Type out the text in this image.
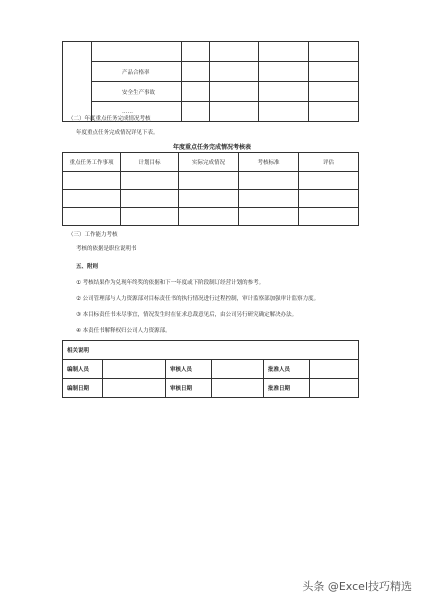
	产品合格率				
	安全生产事故				
	……				
（二）年度重点任务完成情况考核
年度重点任务完成情况详见下表。
年度重点任务完成情况考核表
重点任务工作事项	计划目标	实际完成情况	考核标准	评估

（三）工作能力考核
考核的依据是职位说明书
五、附则
① 考核结果作为兑现年终奖的依据和下一年度或下阶段制订经营计划的参考。
② 公司管理部与人力资源部对目标责任书的执行情况进行过程控制，审计监察部加强审计监察力度。
③ 本目标责任书未尽事宜，情况发生时在征求总裁意见后，由公司另行研究确定解决办法。
④ 本责任书解释权归公司人力资源部。
相关说明					
编制人员		审核人员		批准人员	
编制日期		审核日期		批准日期	
头条 @Excel技巧精选
